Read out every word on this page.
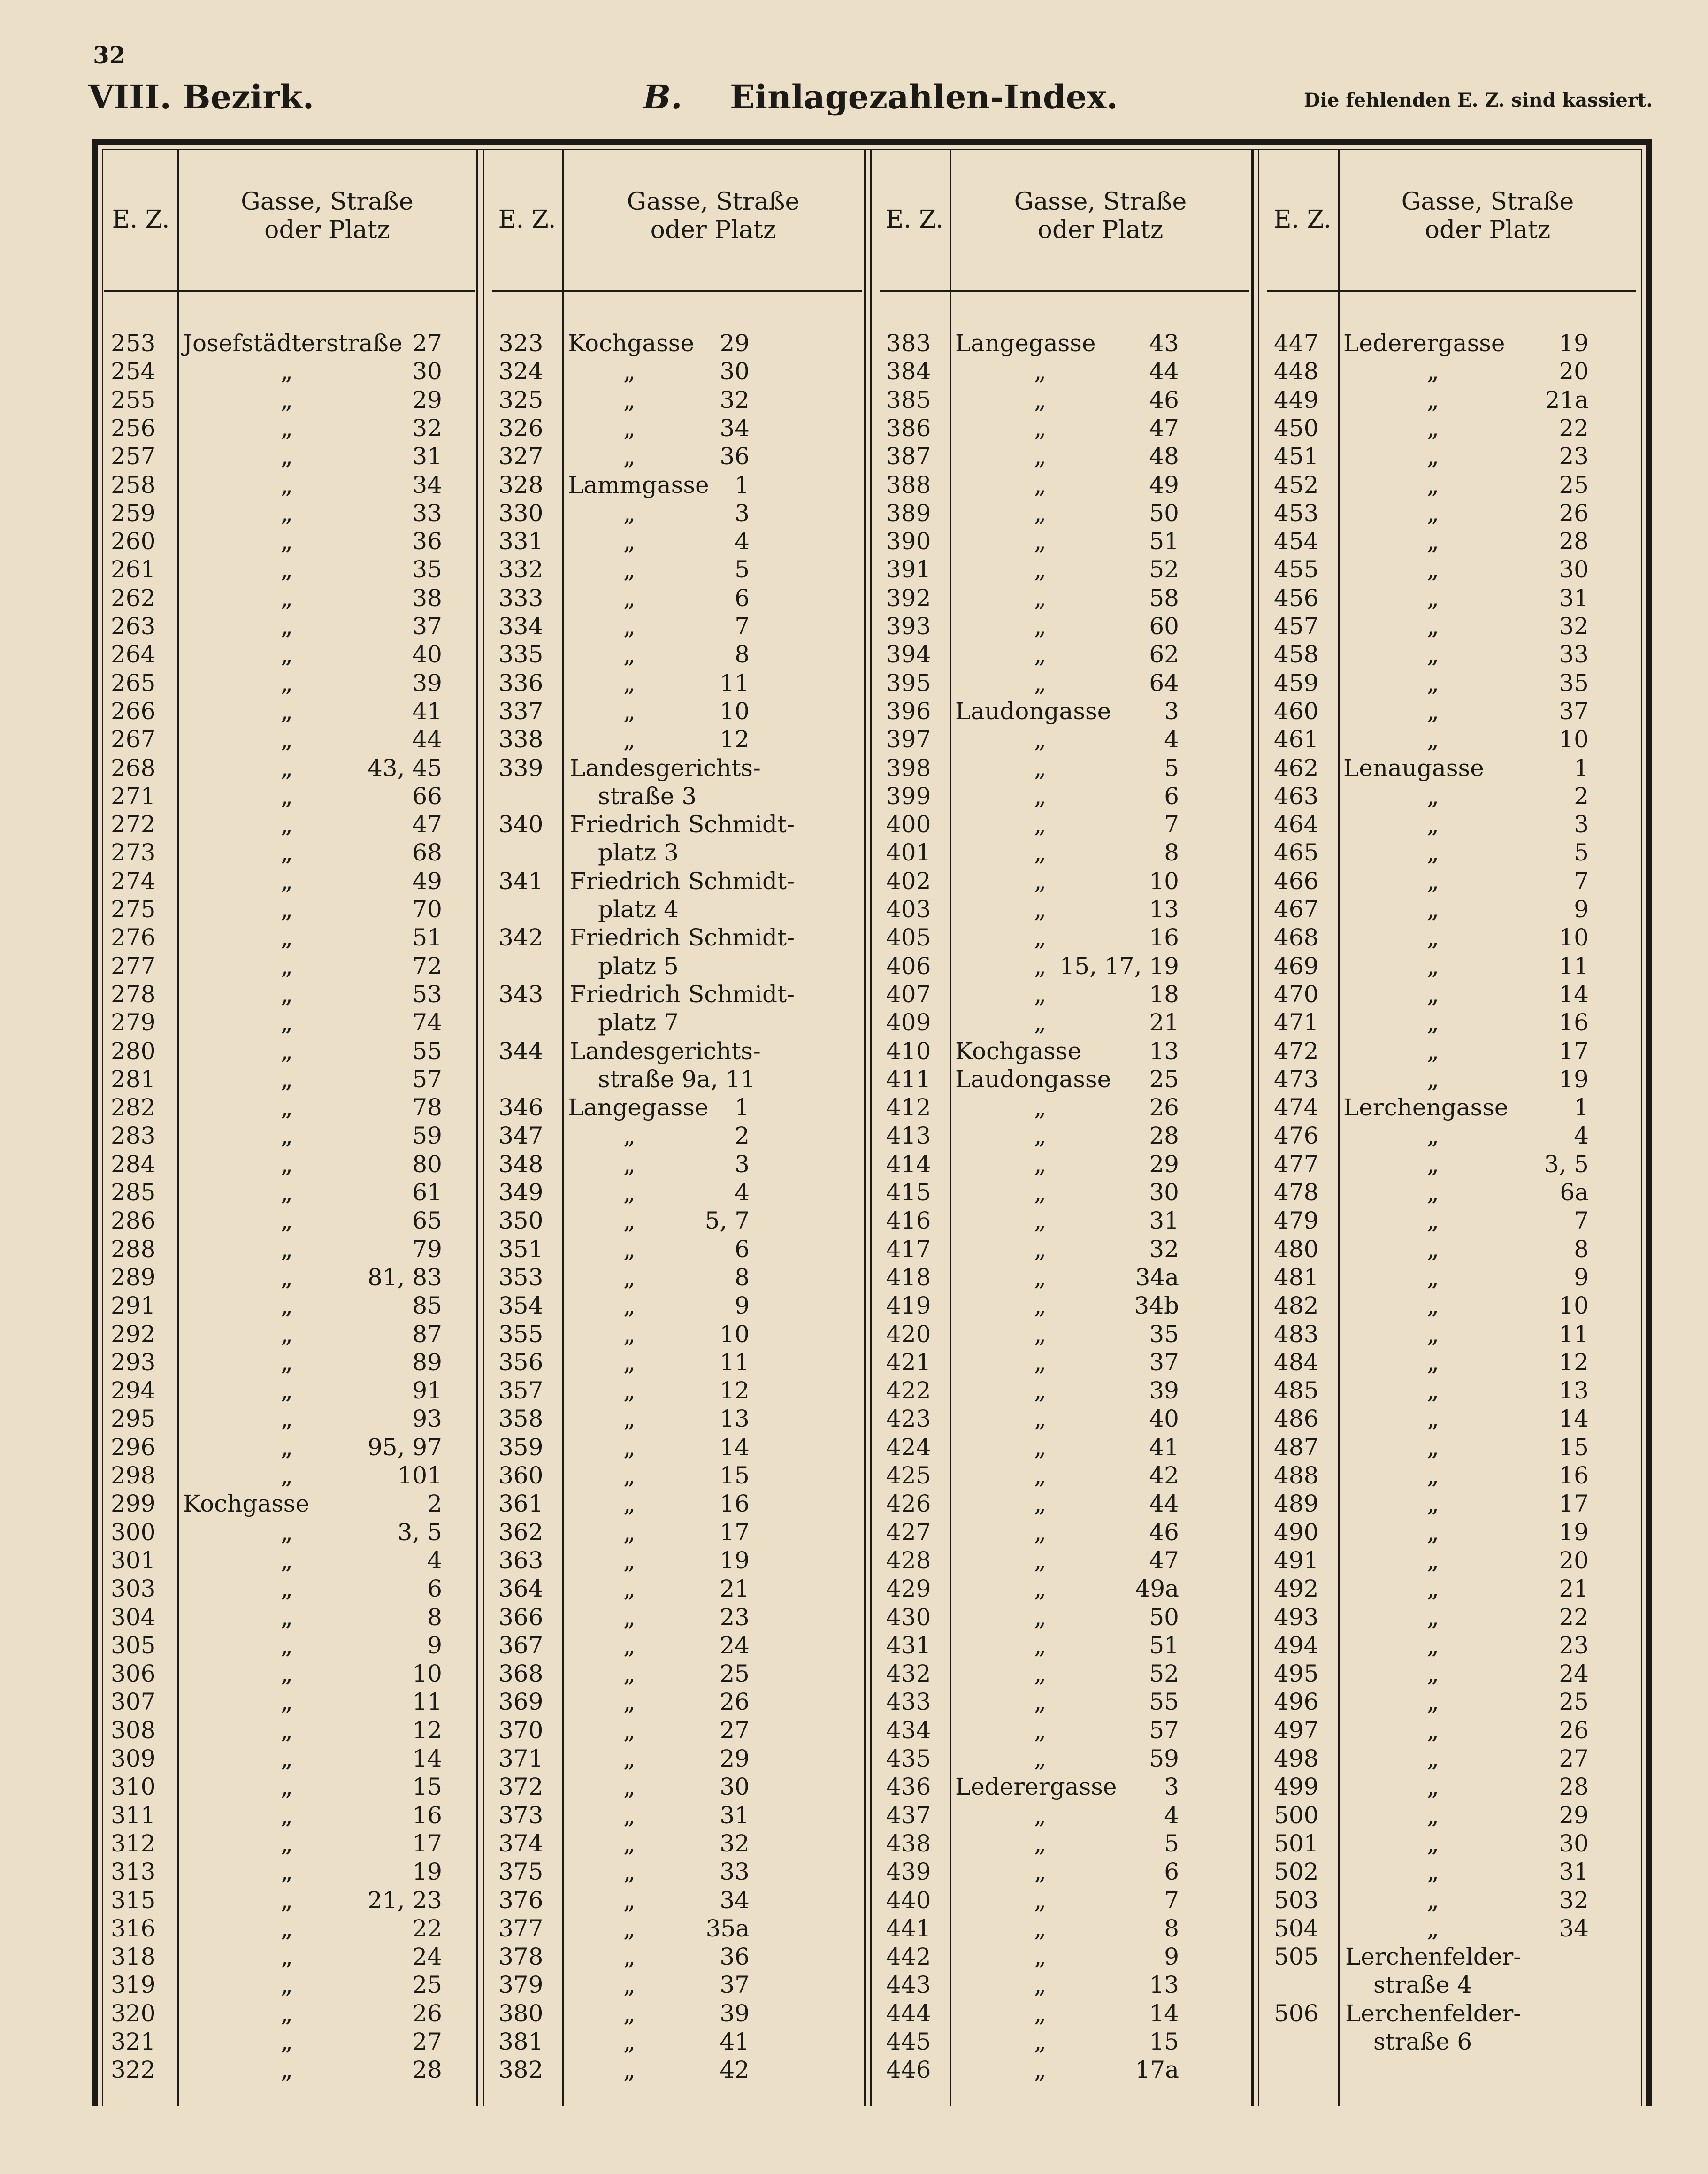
32
VIII. Bezirk.	B. Einlagezahlen-Index.	Die fehlenden E. Z. sind kassiert.
E. Z.
Gasse, Straße
oder Platz
253 Josefstädterstraße 27
254	„	30
255	„	29
256	„	32
257	„	31
258	„	34
259	„	33
260	„	36
261	„	35
262	„	38
263	„	37
264	„	40
265	„	39
266	„	41
267	„	44
268	„	43, 45
271	„	66
272	„	47
273	„	68
274	„	49
275	„	70
276	„	51
277	„	72
278	„	53
279	„	74
280	„	55
281	„	57
282	„	78
283	„	59
284	„	80
285	„	61
286	„	65
288	„	79
289	„	81, 83
291	„	85
292	„	87
293	„	89
294	„	91
295	„	93
296	„	95, 97
298	„	101
299 Kochgasse	2
300	„	3, 5
301	„	4
303	„	6
304	„	8
305	„	9
306	„	10
307	„	11
308	„	12
309	„	14
310	„	15
311	„	16
312	„	17
313	„	19
315	„	21, 23
316	„	22
318	„	24
319	„	25
320	„	26
321	„	27
322	„	28
E. Z.
Gasse, Straße
oder Platz
323 Kochgasse 29
324	„	30
325	„	32
326	„	34
327	„	36
328 Lammgasse 1
330	„	3
331	„	4
332	„	5
333	„	6
334	„	7
335	„	8
336	„	11
337	„	10
338	„	12
339 Landesgerichts-
straße 3
340 Friedrich Schmidt-
platz 3
341 Friedrich Schmidt-
platz 4
342 Friedrich Schmidt-
platz 5
343 Friedrich Schmidt-
platz 7
344 Landesgerichts-
straße 9a, 11
346 Langegasse 1
347	„	2
348	„	3
349	„	4
350	„	5, 7
351	„	6
353	„	8
354	„	9
355	„	10
356	„	11
357	„	12
358	„	13
359	„	14
360	„	15
361	„	16
362	„	17
363	„	19
364	„	21
366	„	23
367	„	24
368	„	25
369	„	26
370	„	27
371	„	29
372	„	30
373	„	31
374	„	32
375	„	33
376	„	34
377	„	35a
378	„	36
379	„	37
380	„	39
381	„	41
382	„	42
E. Z.
Gasse, Straße
oder Platz
383 Langegasse 43
384	„	44
385	„	46
386	„	47
387	„	48
388	„	49
389	„	50
390	„	51
391	„	52
392	„	58
393	„	60
394	„	62
395	„	64
396 Laudongasse 3
397	„	4
398	„	5
399	„	6
400	„	7
401	„	8
402	„	10
403	„	13
405	„	16
406	„ 15, 17, 19
407	„	18
409	„	21
410 Kochgasse	13
411 Laudongasse 25
412	„	26
413	„	28
414	„	29
415	„	30
416	„	31
417	„	32
418	„	34a
419	„	34b
420	„	35
421	„	37
422	„	39
423	„	40
424	„	41
425	„	42
426	„	44
427	„	46
428	„	47
429	„	49a
430	„	50
431	„	51
432	„	52
433	„	55
434	„	57
435	„	59
436 Lederergasse 3
437	„	4
438	„	5
439	„	6
440	„	7
441	„	8
442	„	9
443	„	13
444	„	14
445	„	15
446	„	17a
E. Z.
Gasse, Straße
oder Platz
447 Lederergasse 19
448	„	20
449	„	21a
450	„	22
451	„	23
452	„	25
453	„	26
454	„	28
455	„	30
456	„	31
457	„	32
458	„	33
459	„	35
460	„	37
461	„	10
462 Lenaugasse	1
463	„	2
464	„	3
465	„	5
466	„	7
467	„	9
468	„	10
469	„	11
470	„	14
471	„	16
472	„	17
473	„	19
474 Lerchengasse	1
476	„	4
477	„	3, 5
478	„	6a
479	„	7
480	„	8
481	„	9
482	„	10
483	„	11
484	„	12
485	„	13
486	„	14
487	„	15
488	„	16
489	„	17
490	„	19
491	„	20
492	„	21
493	„	22
494	„	23
495	„	24
496	„	25
497	„	26
498	„	27
499	„	28
500	„	29
501	„	30
502	„	31
503	„	32
504	„	34
505 Lerchenfelder-
straße 4
506 Lerchenfelder-
straße 6
